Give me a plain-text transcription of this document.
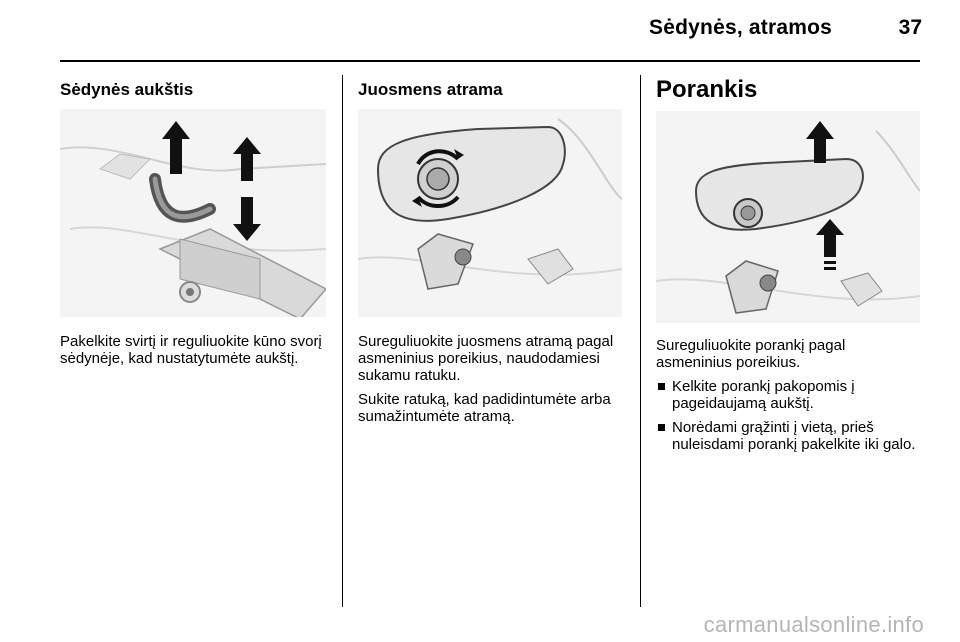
Sėdynės, atramos	37
Sėdynės aukštis

Pakelkite svirtį ir reguliuokite kūno svorį sėdynėje, kad nustatytumėte aukštį.

Juosmens atrama

Sureguliuokite juosmens atramą pagal asmeninius poreikius, naudodamiesi sukamu ratuku.

Sukite ratuką, kad padidintumėte arba sumažintumėte atramą.

Porankis

Sureguliuokite porankį pagal asmeninius poreikius.

Kelkite porankį pakopomis į pageidaujamą aukštį.
Norėdami grąžinti į vietą, prieš nuleisdami porankį pakelkite iki galo.
carmanualsonline.info
